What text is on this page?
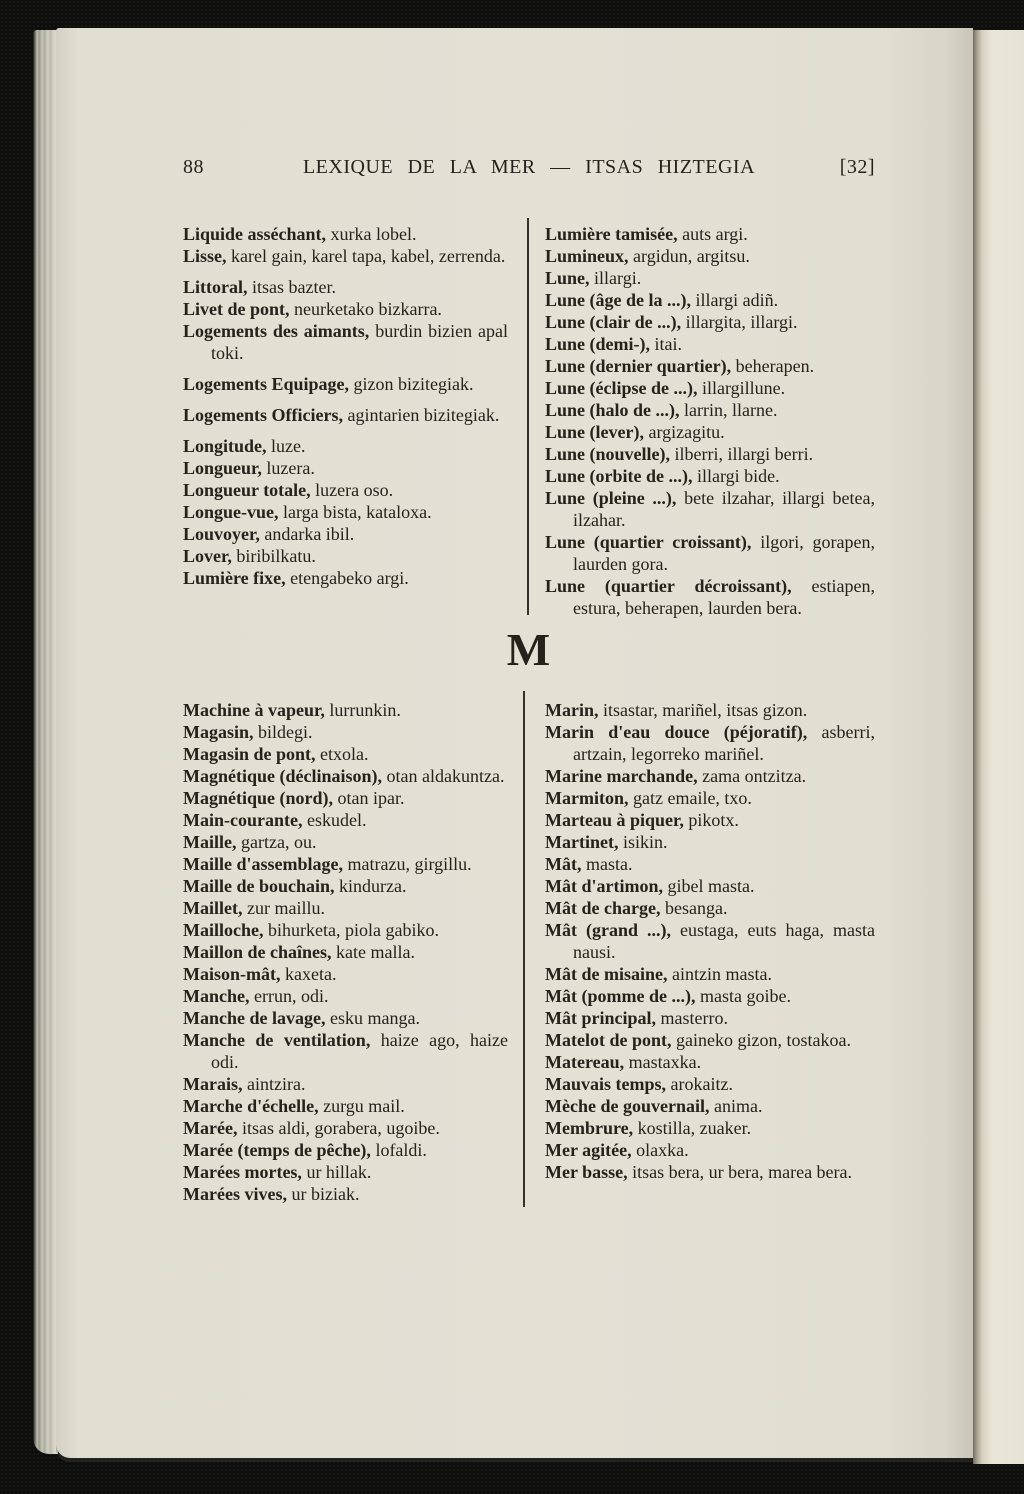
88	LEXIQUE DE LA MER — ITSAS HIZTEGIA	[32]
Liquide asséchant, xurka lobel.
Lisse, karel gain, karel tapa, kabel, zerrenda.
Littoral, itsas bazter.
Livet de pont, neurketako bizkarra.
Logements des aimants, burdin bizien apal toki.
Logements Equipage, gizon bizitegiak.
Logements Officiers, agintarien bizitegiak.
Longitude, luze.
Longueur, luzera.
Longueur totale, luzera oso.
Longue-vue, larga bista, kataloxa.
Louvoyer, andarka ibil.
Lover, biribilkatu.
Lumière fixe, etengabeko argi.
Lumière tamisée, auts argi.
Lumineux, argidun, argitsu.
Lune, illargi.
Lune (âge de la ...), illargi adiñ.
Lune (clair de ...), illargita, illargi.
Lune (demi-), itai.
Lune (dernier quartier), beherapen.
Lune (éclipse de ...), illargillune.
Lune (halo de ...), larrin, llarne.
Lune (lever), argizagitu.
Lune (nouvelle), ilberri, illargi berri.
Lune (orbite de ...), illargi bide.
Lune (pleine ...), bete ilzahar, illargi betea, ilzahar.
Lune (quartier croissant), ilgori, gorapen, laurden gora.
Lune (quartier décroissant), estiapen, estura, beherapen, laurden bera.
M
Machine à vapeur, lurrunkin.
Magasin, bildegi.
Magasin de pont, etxola.
Magnétique (déclinaison), otan aldakuntza.
Magnétique (nord), otan ipar.
Main-courante, eskudel.
Maille, gartza, ou.
Maille d'assemblage, matrazu, girgillu.
Maille de bouchain, kindurza.
Maillet, zur maillu.
Mailloche, bihurketa, piola gabiko.
Maillon de chaînes, kate malla.
Maison-mât, kaxeta.
Manche, errun, odi.
Manche de lavage, esku manga.
Manche de ventilation, haize ago, haize odi.
Marais, aintzira.
Marche d'échelle, zurgu mail.
Marée, itsas aldi, gorabera, ugoibe.
Marée (temps de pêche), lofaldi.
Marées mortes, ur hillak.
Marées vives, ur biziak.
Marin, itsastar, mariñel, itsas gizon.
Marin d'eau douce (péjoratif), asberri, artzain, legorreko mariñel.
Marine marchande, zama ontzitza.
Marmiton, gatz emaile, txo.
Marteau à piquer, pikotx.
Martinet, isikin.
Mât, masta.
Mât d'artimon, gibel masta.
Mât de charge, besanga.
Mât (grand ...), eustaga, euts haga, masta nausi.
Mât de misaine, aintzin masta.
Mât (pomme de ...), masta goibe.
Mât principal, masterro.
Matelot de pont, gaineko gizon, tostakoa.
Matereau, mastaxka.
Mauvais temps, arokaitz.
Mèche de gouvernail, anima.
Membrure, kostilla, zuaker.
Mer agitée, olaxka.
Mer basse, itsas bera, ur bera, marea bera.
